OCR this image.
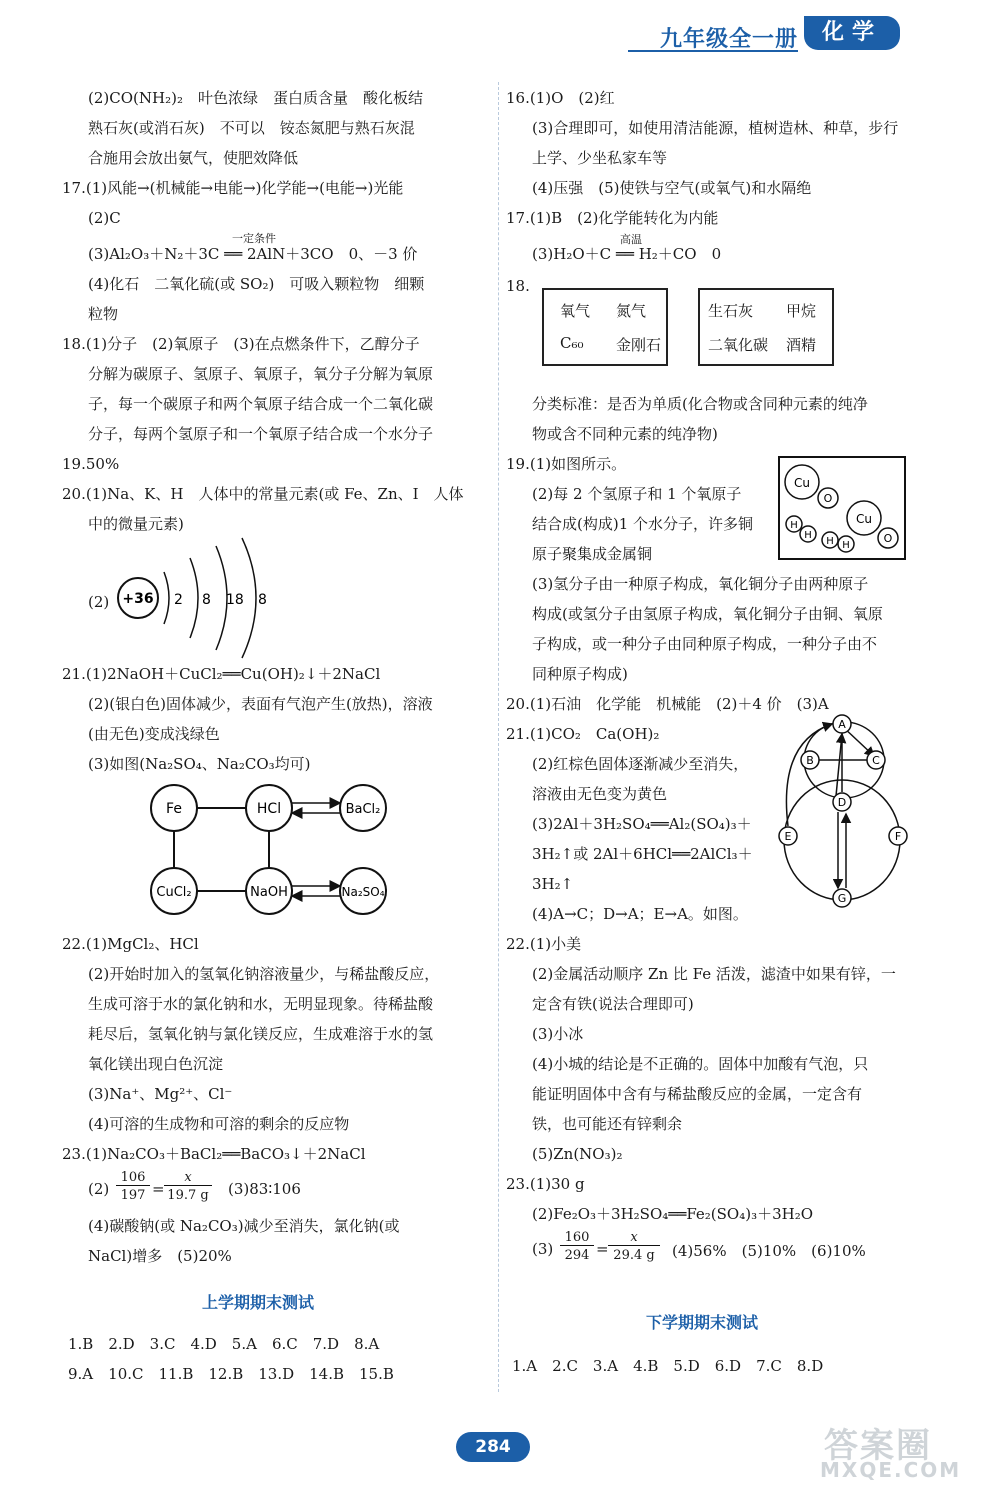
九年级全一册	化学
(2)CO(NH₂)₂　叶色浓绿　蛋白质含量　酸化板结
熟石灰(或消石灰)　不可以　铵态氮肥与熟石灰混
合施用会放出氨气，使肥效降低
17.(1)风能→(机械能→电能→)化学能→(电能→)光能
(2)C
一定条件
(3)Al₂O₃＋N₂＋3C ══ 2AlN＋3CO　0、－3 价
(4)化石　二氧化硫(或 SO₂)　可吸入颗粒物　细颗
粒物
18.(1)分子　(2)氧原子　(3)在点燃条件下，乙醇分子
分解为碳原子、氢原子、氧原子，氧分子分解为氧原
子，每一个碳原子和两个氧原子结合成一个二氧化碳
分子，每两个氢原子和一个氧原子结合成一个水分子
19.50%
20.(1)Na、K、H　人体中的常量元素(或 Fe、Zn、I　人体
中的微量元素)
(2) +36 2 8 18 8
21.(1)2NaOH＋CuCl₂══Cu(OH)₂↓＋2NaCl
(2)(银白色)固体减少，表面有气泡产生(放热)，溶液
(由无色)变成浅绿色
(3)如图(Na₂SO₄、Na₂CO₃均可)
Fe	HCl	BaCl₂
CuCl₂	NaOH	Na₂SO₄
22.(1)MgCl₂、HCl
(2)开始时加入的氢氧化钠溶液量少，与稀盐酸反应，
生成可溶于水的氯化钠和水，无明显现象。待稀盐酸
耗尽后，氢氧化钠与氯化镁反应，生成难溶于水的氢
氧化镁出现白色沉淀
(3)Na⁺、Mg²⁺、Cl⁻
(4)可溶的生成物和可溶的剩余的反应物
23.(1)Na₂CO₃＋BaCl₂══BaCO₃↓＋2NaCl
(2)
106
197 =
x
19.7 g (3)83∶106
(4)碳酸钠(或 Na₂CO₃)减少至消失，氯化钠(或
NaCl)增多　(5)20%
上学期期末测试
1.B　2.D　3.C　4.D　5.A　6.C　7.D　8.A
9.A　10.C　11.B　12.B　13.D　14.B　15.B
16.(1)O　(2)红
(3)合理即可，如使用清洁能源，植树造林、种草，步行
上学、少坐私家车等
(4)压强　(5)使铁与空气(或氧气)和水隔绝
17.(1)B　(2)化学能转化为内能
高温
(3)H₂O＋C ══ H₂＋CO　0
18.
氧气 氮气
C₆₀ 金刚石
生石灰 甲烷
二氧化碳 酒精
分类标准：是否为单质(化合物或含同种元素的纯净
物或含不同种元素的纯净物)
19.(1)如图所示。
(2)每 2 个氢原子和 1 个氧原子
结合成(构成)1 个水分子，许多铜
原子聚集成金属铜
Cu
O
Cu
O
H
H
H H
(3)氢分子由一种原子构成，氧化铜分子由两种原子
构成(或氢分子由氢原子构成，氧化铜分子由铜、氧原
子构成，或一种分子由同种原子构成，一种分子由不
同种原子构成)
20.(1)石油　化学能　机械能　(2)＋4 价　(3)A
21.(1)CO₂　Ca(OH)₂
(2)红棕色固体逐渐减少至消失，
溶液由无色变为黄色
(3)2Al＋3H₂SO₄══Al₂(SO₄)₃＋
3H₂↑或 2Al＋6HCl══2AlCl₃＋
3H₂↑
(4)A→C；D→A；E→A。如图。
A
B	C
D
E	F
G
22.(1)小美
(2)金属活动顺序 Zn 比 Fe 活泼，滤渣中如果有锌，一
定含有铁(说法合理即可)
(3)小冰
(4)小城的结论是不正确的。固体中加酸有气泡，只
能证明固体中含有与稀盐酸反应的金属，一定含有
铁，也可能还有锌剩余
(5)Zn(NO₃)₂
23.(1)30 g
(2)Fe₂O₃＋3H₂SO₄══Fe₂(SO₄)₃＋3H₂O
(3)
160
294 =
x
29.4 g	(4)56%　(5)10%　(6)10%
下学期期末测试
1.A　2.C　3.A　4.B　5.D　6.D　7.C　8.D
284	答案圈
MXQE.COM
